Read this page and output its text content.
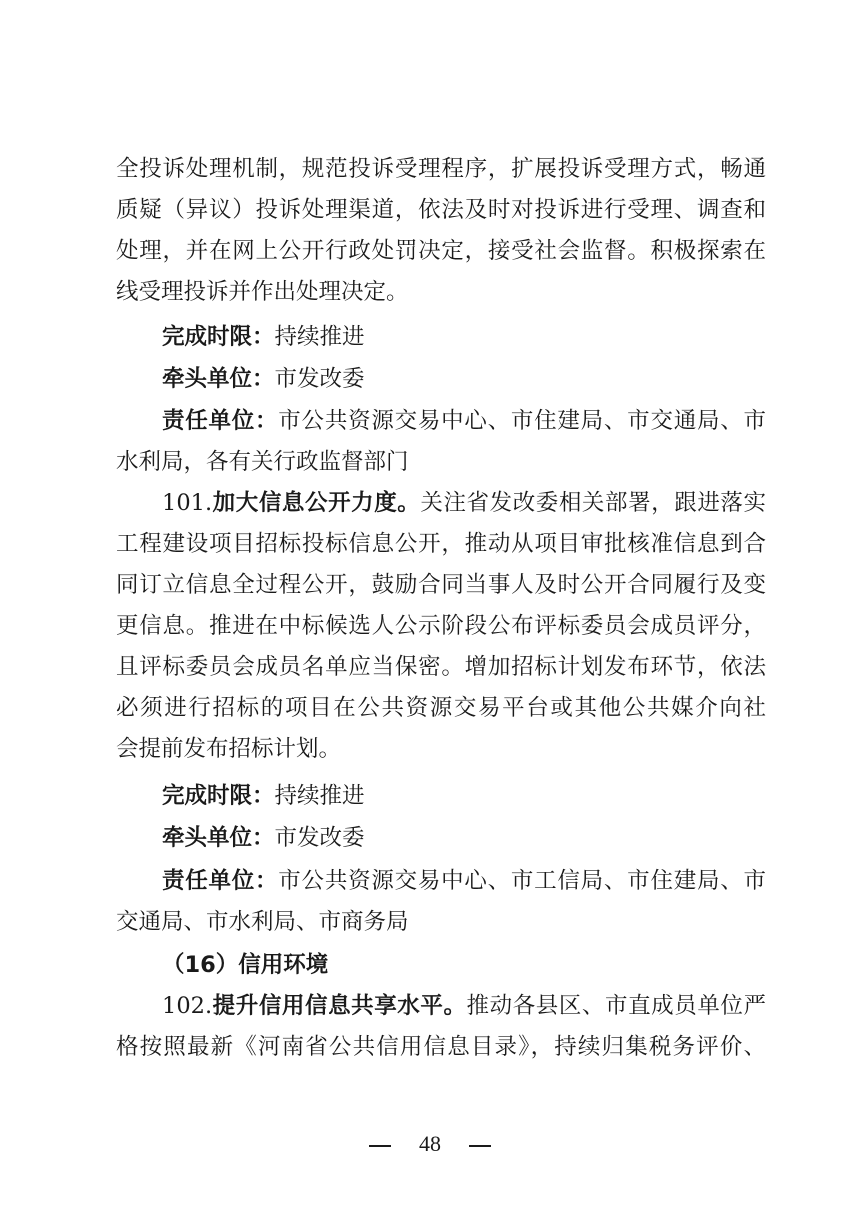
全投诉处理机制，规范投诉受理程序，扩展投诉受理方式，畅通
质疑（异议）投诉处理渠道，依法及时对投诉进行受理、调查和
处理，并在网上公开行政处罚决定，接受社会监督。积极探索在
线受理投诉并作出处理决定。
完成时限：持续推进
牵头单位：市发改委
责任单位：市公共资源交易中心、市住建局、市交通局、市
水利局，各有关行政监督部门
101.加大信息公开力度。关注省发改委相关部署，跟进落实
工程建设项目招标投标信息公开，推动从项目审批核准信息到合
同订立信息全过程公开，鼓励合同当事人及时公开合同履行及变
更信息。推进在中标候选人公示阶段公布评标委员会成员评分，
且评标委员会成员名单应当保密。增加招标计划发布环节，依法
必须进行招标的项目在公共资源交易平台或其他公共媒介向社
会提前发布招标计划。
完成时限：持续推进
牵头单位：市发改委
责任单位：市公共资源交易中心、市工信局、市住建局、市
交通局、市水利局、市商务局
（16）信用环境
102.提升信用信息共享水平。推动各县区、市直成员单位严
格按照最新《河南省公共信用信息目录》，持续归集税务评价、
48
